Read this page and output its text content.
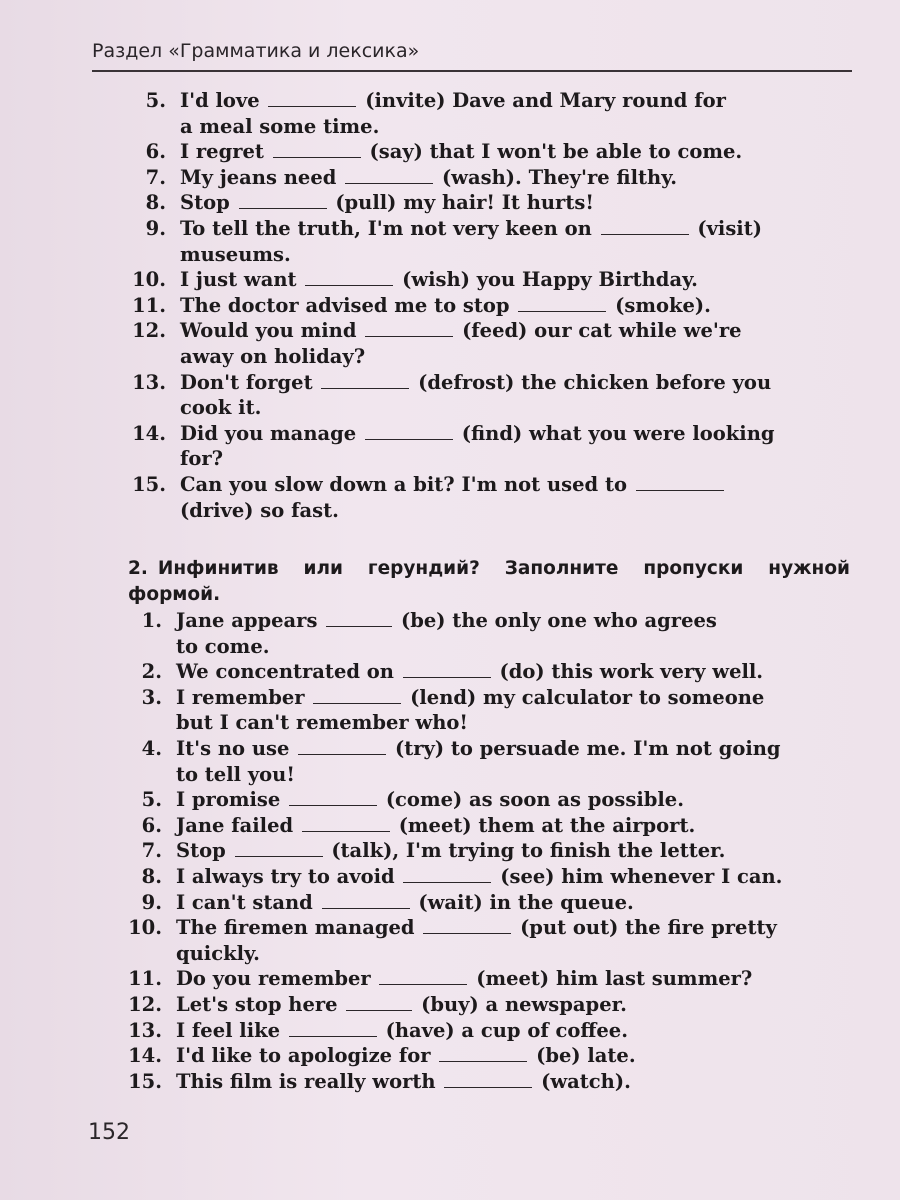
Раздел «Грамматика и лексика»
5. I'd love	(invite) Dave and Mary round for
a meal some time.
6. I regret	(say) that I won't be able to come.
7. My jeans need	(wash). They're filthy.
8. Stop	(pull) my hair! It hurts!
9. To tell the truth, I'm not very keen on	(visit)
museums.
10. I just want	(wish) you Happy Birthday.
11. The doctor advised me to stop	(smoke).
12. Would you mind	(feed) our cat while we're
away on holiday?
13. Don't forget	(defrost) the chicken before you
cook it.
14. Did you manage	(find) what you were looking
for?
15. Can you slow down a bit? I'm not used to
(drive) so fast.
2. Инфинитив или герундий? Заполните пропуски нужной формой.
1. Jane appears	(be) the only one who agrees
to come.
2. We concentrated on	(do) this work very well.
3. I remember	(lend) my calculator to someone
but I can't remember who!
4. It's no use	(try) to persuade me. I'm not going
to tell you!
5. I promise	(come) as soon as possible.
6. Jane failed	(meet) them at the airport.
7. Stop	(talk), I'm trying to finish the letter.
8. I always try to avoid	(see) him whenever I can.
9. I can't stand	(wait) in the queue.
10. The firemen managed	(put out) the fire pretty
quickly.
11. Do you remember	(meet) him last summer?
12. Let's stop here	(buy) a newspaper.
13. I feel like	(have) a cup of coffee.
14. I'd like to apologize for	(be) late.
15. This film is really worth	(watch).
152
